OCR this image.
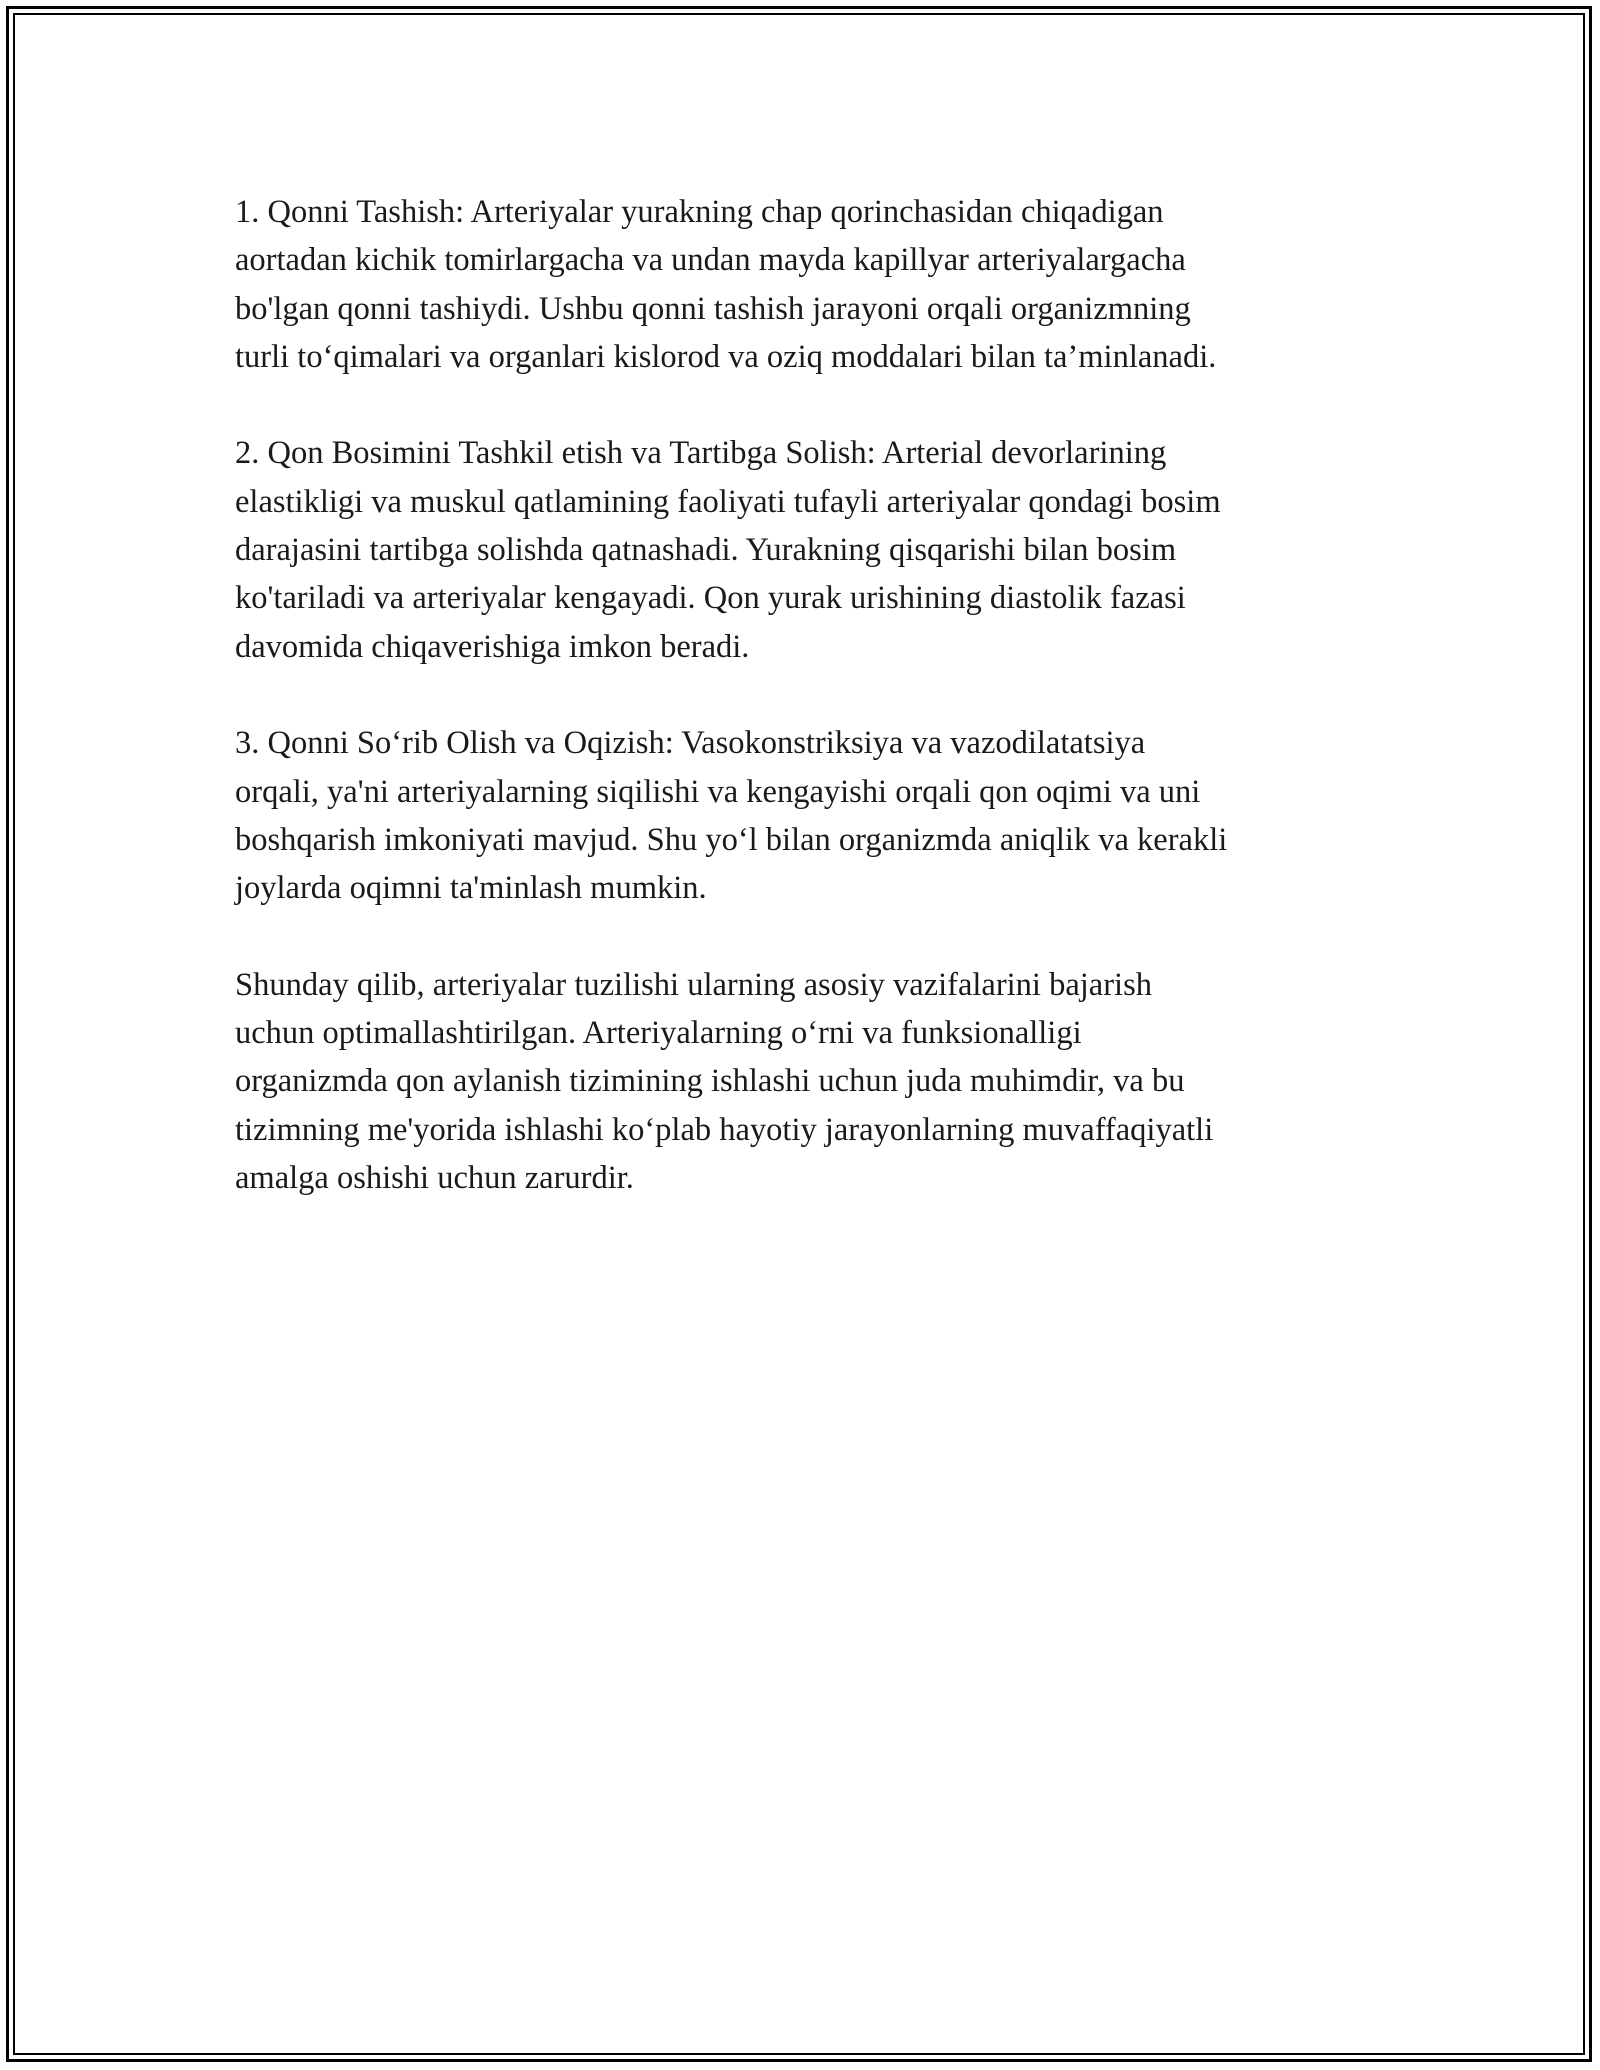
1. Qonni Tashish: Arteriyalar yurakning chap qorinchasidan chiqadigan
aortadan kichik tomirlargacha va undan mayda kapillyar arteriyalargacha
bo'lgan qonni tashiydi. Ushbu qonni tashish jarayoni orqali organizmning
turli to‘qimalari va organlari kislorod va oziq moddalari bilan ta’minlanadi.

2. Qon Bosimini Tashkil etish va Tartibga Solish: Arterial devorlarining
elastikligi va muskul qatlamining faoliyati tufayli arteriyalar qondagi bosim
darajasini tartibga solishda qatnashadi. Yurakning qisqarishi bilan bosim
ko'tariladi va arteriyalar kengayadi. Qon yurak urishining diastolik fazasi
davomida chiqaverishiga imkon beradi.

3. Qonni So‘rib Olish va Oqizish: Vasokonstriksiya va vazodilatatsiya
orqali, ya'ni arteriyalarning siqilishi va kengayishi orqali qon oqimi va uni
boshqarish imkoniyati mavjud. Shu yo‘l bilan organizmda aniqlik va kerakli
joylarda oqimni ta'minlash mumkin.

Shunday qilib, arteriyalar tuzilishi ularning asosiy vazifalarini bajarish
uchun optimallashtirilgan. Arteriyalarning o‘rni va funksionalligi
organizmda qon aylanish tizimining ishlashi uchun juda muhimdir, va bu
tizimning me'yorida ishlashi ko‘plab hayotiy jarayonlarning muvaffaqiyatli
amalga oshishi uchun zarurdir.
